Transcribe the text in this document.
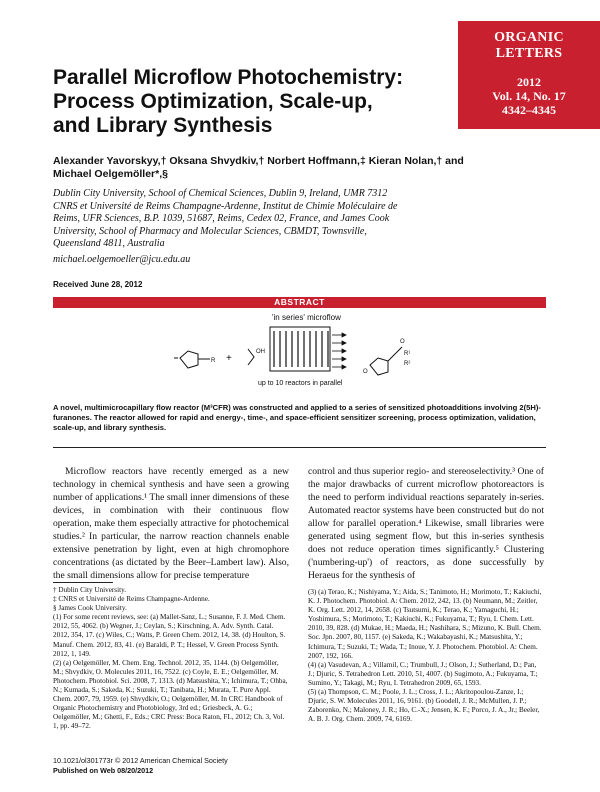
ORGANIC
LETTERS
2012
Vol. 14, No. 17
4342–4345
Parallel Microflow Photochemistry:
Process Optimization, Scale-up,
and Library Synthesis
Alexander Yavorskyy,† Oksana Shvydkiv,† Norbert Hoffmann,‡ Kieran Nolan,† and Michael Oelgemöller*,§
Dublin City University, School of Chemical Sciences, Dublin 9, Ireland, UMR 7312 CNRS et Université de Reims Champagne-Ardenne, Institut de Chimie Moléculaire de Reims, UFR Sciences, B.P. 1039, 51687, Reims, Cedex 02, France, and James Cook University, School of Pharmacy and Molecular Sciences, CBMDT, Townsville, Queensland 4811, Australia
michael.oelgemoeller@jcu.edu.au
Received June 28, 2012
ABSTRACT
R +
OH
O
R¹
R²
O
'in series' microflow
up to 10 reactors in parallel
A novel, multimicrocapillary flow reactor (M³CFR) was constructed and applied to a series of sensitized photoadditions involving 2(5H)-furanones. The reactor allowed for rapid and energy-, time-, and space-efficient sensitizer screening, process optimization, validation, scale-up, and library synthesis.
Microflow reactors have recently emerged as a new technology in chemical synthesis and have seen a growing number of applications.¹ The small inner dimensions of these devices, in combination with their continuous flow operation, make them especially attractive for photochemical studies.² In particular, the narrow reaction channels enable extensive penetration by light, even at high chromophore concentrations (as dictated by the Beer–Lambert law). Also, the small dimensions allow for precise temperature
control and thus superior regio- and stereoselectivity.³ One of the major drawbacks of current microflow photoreactors is the need to perform individual reactions separately in-series. Automated reactor systems have been constructed but do not allow for parallel operation.⁴ Likewise, small libraries were generated using segment flow, but this in-series synthesis does not reduce operation times significantly.⁵ Clustering ('numbering-up') of reactors, as done successfully by Heraeus for the synthesis of
† Dublin City University.
‡ CNRS et Université de Reims Champagne-Ardenne.
§ James Cook University.
(1) For some recent reviews, see: (a) Mallet-Sanz, L.; Susanne, F. J. Med. Chem. 2012, 55, 4062. (b) Wegner, J.; Ceylan, S.; Kirschning, A. Adv. Synth. Catal. 2012, 354, 17. (c) Wiles, C.; Watts, P. Green Chem. 2012, 14, 38. (d) Houlton, S. Manuf. Chem. 2012, 83, 41. (e) Baraldi, P. T.; Hessel, V. Green Process Synth. 2012, 1, 149.
(2) (a) Oelgemöller, M. Chem. Eng. Technol. 2012, 35, 1144. (b) Oelgemöller, M.; Shvydkiv, O. Molecules 2011, 16, 7522. (c) Coyle, E. E.; Oelgemöller, M. Photochem. Photobiol. Sci. 2008, 7, 1313. (d) Matsushita, Y.; Ichimura, T.; Ohba, N.; Kumada, S.; Sakeda, K.; Suzuki, T.; Tanibata, H.; Murata, T. Pure Appl. Chem. 2007, 79, 1959. (e) Shvydkiv, O.; Oelgemöller, M. In CRC Handbook of Organic Photochemistry and Photobiology, 3rd ed.; Griesbeck, A. G.; Oelgemöller, M.; Ghetti, F., Eds.; CRC Press: Boca Raton, FL, 2012; Ch. 3, Vol. 1, pp. 49–72.
(3) (a) Terao, K.; Nishiyama, Y.; Aida, S.; Tanimoto, H.; Morimoto, T.; Kakiuchi, K. J. Photochem. Photobiol. A: Chem. 2012, 242, 13. (b) Neumann, M.; Zeitler, K. Org. Lett. 2012, 14, 2658. (c) Tsutsumi, K.; Terao, K.; Yamaguchi, H.; Yoshimura, S.; Morimoto, T.; Kakiuchi, K.; Fukuyama, T.; Ryu, I. Chem. Lett. 2010, 39, 828. (d) Mukae, H.; Maeda, H.; Nashihara, S.; Mizuno, K. Bull. Chem. Soc. Jpn. 2007, 80, 1157. (e) Sakeda, K.; Wakabayashi, K.; Matsushita, Y.; Ichimura, T.; Suzuki, T.; Wada, T.; Inoue, Y. J. Photochem. Photobiol. A: Chem. 2007, 192, 166.
(4) (a) Vasudevan, A.; Villamil, C.; Trumbull, J.; Olson, J.; Sutherland, D.; Pan, J.; Djuric, S. Tetrahedron Lett. 2010, 51, 4007. (b) Sugimoto, A.; Fukuyama, T.; Sumino, Y.; Takagi, M.; Ryu, I. Tetrahedron 2009, 65, 1593.
(5) (a) Thompson, C. M.; Poole, J. L.; Cross, J. L.; Akritopoulou-Zanze, I.; Djuric, S. W. Molecules 2011, 16, 9161. (b) Goodell, J. R.; McMullen, J. P.; Zaborenko, N.; Maloney, J. R.; Ho, C.-X.; Jensen, K. F.; Porco, J. A., Jr.; Beeler, A. B. J. Org. Chem. 2009, 74, 6169.
10.1021/ol301773r © 2012 American Chemical Society
Published on Web 08/20/2012
